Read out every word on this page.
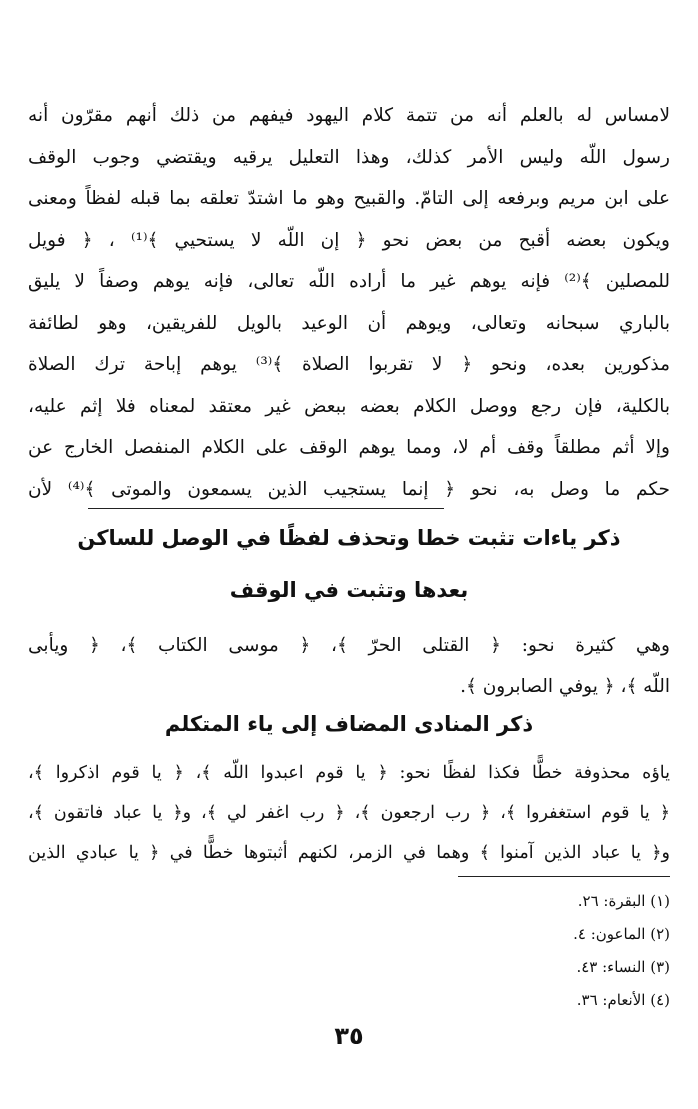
لامساس له بالعلم أنه من تتمة كلام اليهود فيفهم من ذلك أنهم مقرّون أنه
رسول اللّه وليس الأمر كذلك، وهذا التعليل يرقيه ويقتضي وجوب الوقف
على ابن مريم وبرفعه إلى التامّ. والقبيح وهو ما اشتدّ تعلقه بما قبله لفظاً ومعنى
ويكون بعضه أقبح من بعض نحو ﴿ إن اللّه لا يستحيي ﴾⁽¹⁾ ، ﴿ فويل
للمصلين ﴾⁽²⁾ فإنه يوهم غير ما أراده اللّه تعالى، فإنه يوهم وصفاً لا يليق
بالباري سبحانه وتعالى، ويوهم أن الوعيد بالويل للفريقين، وهو لطائفة
مذكورين بعده، ونحو ﴿ لا تقربوا الصلاة ﴾⁽³⁾ يوهم إباحة ترك الصلاة
بالكلية، فإن رجع ووصل الكلام بعضه ببعض غير معتقد لمعناه فلا إثم عليه،
وإلا أثم مطلقاً وقف أم لا، ومما يوهم الوقف على الكلام المنفصل الخارج عن
حكم ما وصل به، نحو ﴿ إنما يستجيب الذين يسمعون والموتى ﴾⁽⁴⁾ لأن
ذكر ياءات تثبت خطا وتحذف لفظًا في الوصل للساكن
بعدها وتثبت في الوقف
وهي كثيرة نحو: ﴿ القتلى الحرّ ﴾، ﴿ موسى الكتاب ﴾، ﴿ ويأبى
اللّه ﴾، ﴿ يوفي الصابرون ﴾.
ذكر المنادى المضاف إلى ياء المتكلم
ياؤه محذوفة خطًّا فكذا لفظًا نحو: ﴿ يا قوم اعبدوا اللّه ﴾، ﴿ يا قوم اذكروا ﴾،
﴿ يا قوم استغفروا ﴾، ﴿ رب ارجعون ﴾، ﴿ رب اغفر لي ﴾، و﴿ يا عباد فاتقون ﴾،
و﴿ يا عباد الذين آمنوا ﴾ وهما في الزمر، لكنهم أثبتوها خطًّا في ﴿ يا عبادي الذين
(١) البقرة: ٢٦.
(٢) الماعون: ٤.
(٣) النساء: ٤٣.
(٤) الأنعام: ٣٦.
٣٥
